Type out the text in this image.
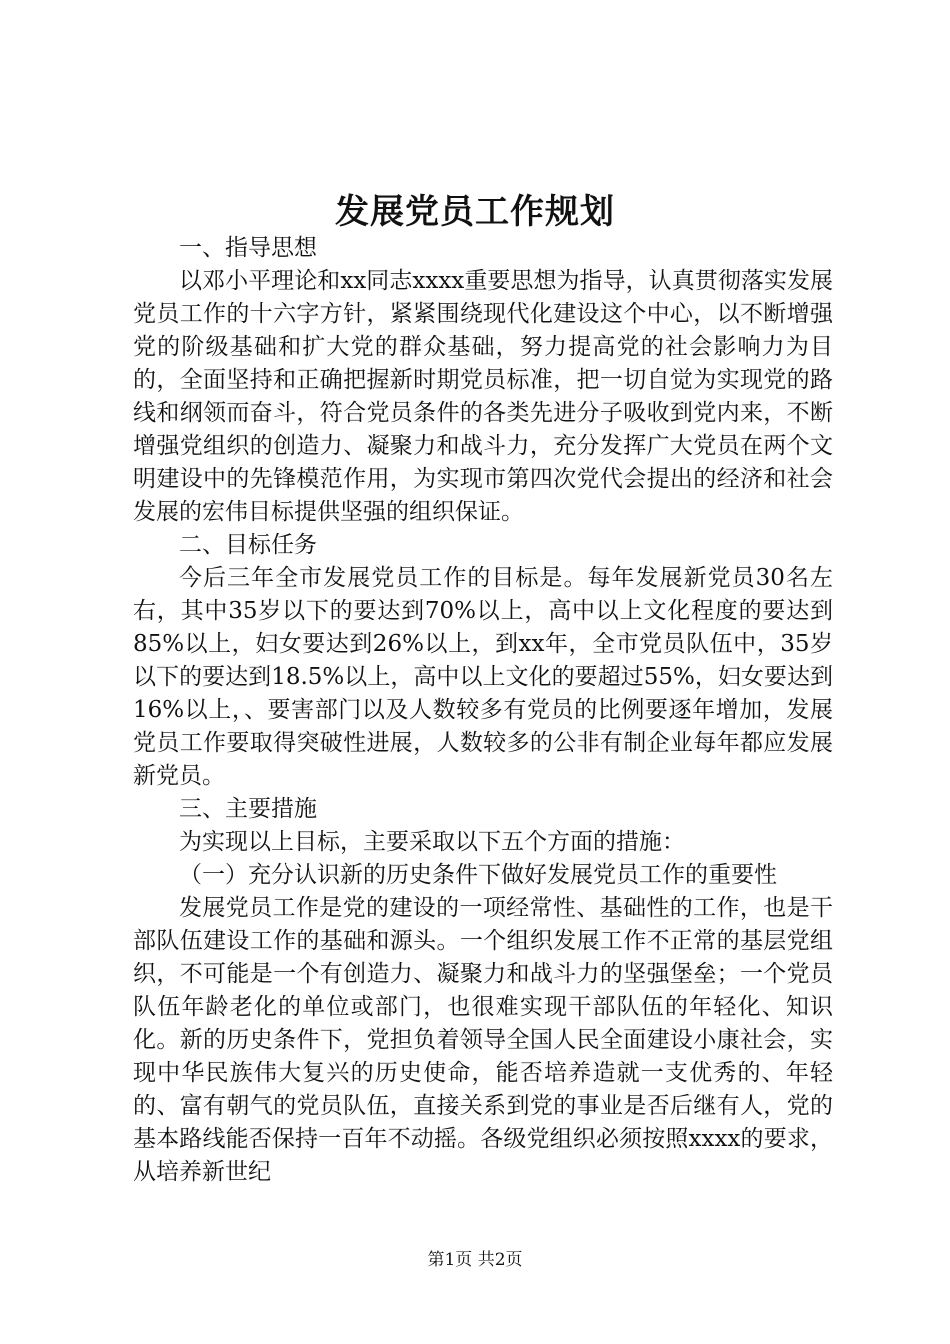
发展党员工作规划

一、指导思想

以邓小平理论和xx同志xxxx重要思想为指导，认真贯彻落实发展党员工作的十六字方针，紧紧围绕现代化建设这个中心，以不断增强党的阶级基础和扩大党的群众基础，努力提高党的社会影响力为目的，全面坚持和正确把握新时期党员标准，把一切自觉为实现党的路线和纲领而奋斗，符合党员条件的各类先进分子吸收到党内来，不断增强党组织的创造力、凝聚力和战斗力，充分发挥广大党员在两个文明建设中的先锋模范作用，为实现市第四次党代会提出的经济和社会发展的宏伟目标提供坚强的组织保证。

二、目标任务

今后三年全市发展党员工作的目标是。每年发展新党员30名左右，其中35岁以下的要达到70%以上，高中以上文化程度的要达到85%以上，妇女要达到26%以上，到xx年，全市党员队伍中，35岁以下的要达到18.5%以上，高中以上文化的要超过55%，妇女要达到16%以上，、要害部门以及人数较多有党员的比例要逐年增加，发展党员工作要取得突破性进展，人数较多的公非有制企业每年都应发展新党员。

三、主要措施

为实现以上目标，主要采取以下五个方面的措施：

（一）充分认识新的历史条件下做好发展党员工作的重要性

发展党员工作是党的建设的一项经常性、基础性的工作，也是干部队伍建设工作的基础和源头。一个组织发展工作不正常的基层党组织，不可能是一个有创造力、凝聚力和战斗力的坚强堡垒；一个党员队伍年龄老化的单位或部门，也很难实现干部队伍的年轻化、知识化。新的历史条件下，党担负着领导全国人民全面建设小康社会，实现中华民族伟大复兴的历史使命，能否培养造就一支优秀的、年轻的、富有朝气的党员队伍，直接关系到党的事业是否后继有人，党的基本路线能否保持一百年不动摇。各级党组织必须按照xxxx的要求，从培养新世纪

第1页 共2页
